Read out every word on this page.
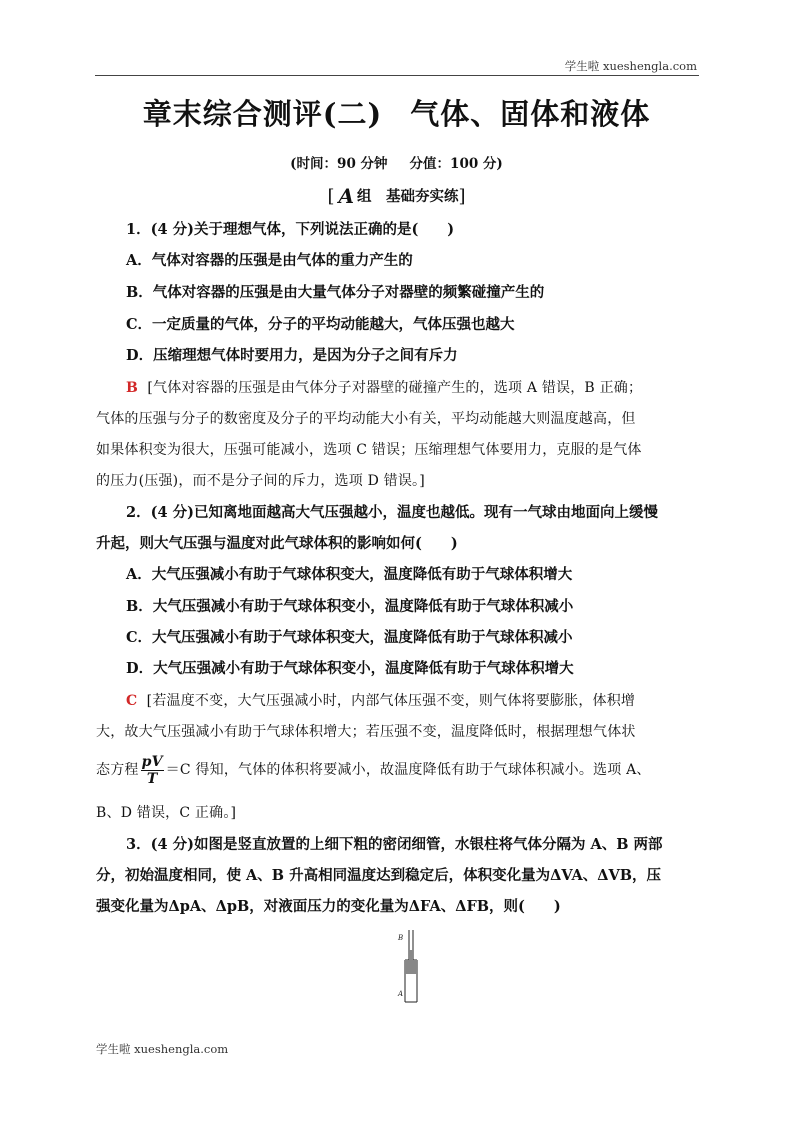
学生啦 xueshengla.com
章末综合测评(二) 气体、固体和液体
(时间：90 分钟 分值：100 分)
[ A 组　基础夯实练]
1．(4 分)关于理想气体，下列说法正确的是(　　)
A．气体对容器的压强是由气体的重力产生的
B．气体对容器的压强是由大量气体分子对器壁的频繁碰撞产生的
C．一定质量的气体，分子的平均动能越大，气体压强也越大
D．压缩理想气体时要用力，是因为分子之间有斥力
B [气体对容器的压强是由气体分子对器壁的碰撞产生的，选项 A 错误，B 正确；
气体的压强与分子的数密度及分子的平均动能大小有关，平均动能越大则温度越高，但
如果体积变为很大，压强可能减小，选项 C 错误；压缩理想气体要用力，克服的是气体
的压力(压强)，而不是分子间的斥力，选项 D 错误。]
2．(4 分)已知离地面越高大气压强越小，温度也越低。现有一气球由地面向上缓慢
升起，则大气压强与温度对此气球体积的影响如何(　　)
A．大气压强减小有助于气球体积变大，温度降低有助于气球体积增大
B．大气压强减小有助于气球体积变小，温度降低有助于气球体积减小
C．大气压强减小有助于气球体积变大，温度降低有助于气球体积减小
D．大气压强减小有助于气球体积变小，温度降低有助于气球体积增大
C [若温度不变，大气压强减小时，内部气体压强不变，则气体将要膨胀，体积增
大，故大气压强减小有助于气球体积增大；若压强不变，温度降低时，根据理想气体状
态方程 $\frac{pV}{T} =C$ 得知，气体的体积将要减小，故温度降低有助于气球体积减小。选项 A、
B、D 错误，C 正确。]
3．(4 分)如图是竖直放置的上细下粗的密闭细管，水银柱将气体分隔为 A、B 两部
分，初始温度相同，使 A、B 升高相同温度达到稳定后，体积变化量为ΔVA、ΔVB，压
强变化量为ΔpA、ΔpB，对液面压力的变化量为ΔFA、ΔFB，则(　　)
B
A
学生啦 xueshengla.com
